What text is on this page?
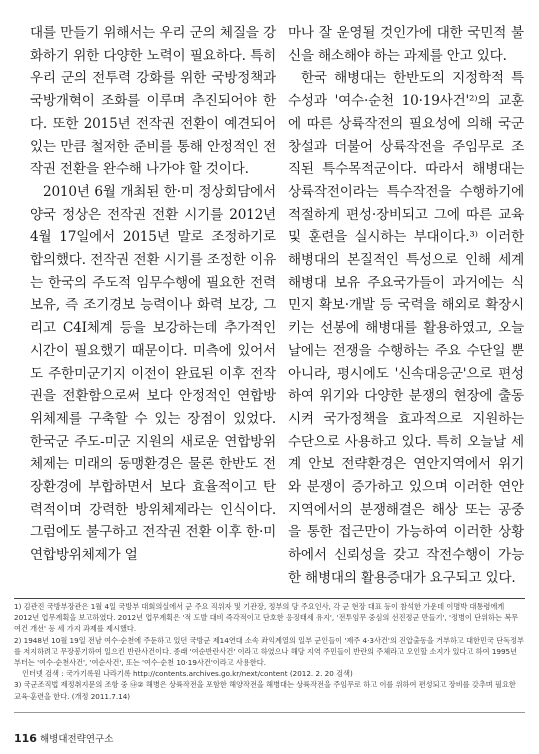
대를 만들기 위해서는 우리 군의 체질을 강화하기 위한 다양한 노력이 필요하다. 특히 우리 군의 전투력 강화를 위한 국방정책과 국방개혁이 조화를 이루며 추진되어야 한다. 또한 2015년 전작권 전환이 예견되어 있는 만큼 철저한 준비를 통해 안정적인 전작권 전환을 완수해 나가야 할 것이다.

2010년 6월 개최된 한·미 정상회담에서 양국 정상은 전작권 전환 시기를 2012년 4월 17일에서 2015년 말로 조정하기로 합의했다. 전작권 전환 시기를 조정한 이유는 한국의 주도적 임무수행에 필요한 전력 보유, 즉 조기경보 능력이나 화력 보강, 그리고 C4I체계 등을 보강하는데 추가적인 시간이 필요했기 때문이다. 미측에 있어서도 주한미군기지 이전이 완료된 이후 전작권을 전환함으로써 보다 안정적인 연합방위체제를 구축할 수 있는 장점이 있었다. 한국군 주도-미군 지원의 새로운 연합방위체제는 미래의 동맹환경은 물론 한반도 전장환경에 부합하면서 보다 효율적이고 탄력적이며 강력한 방위체제라는 인식이다. 그럼에도 불구하고 전작권 전환 이후 한·미 연합방위체제가 얼

마나 잘 운영될 것인가에 대한 국민적 불신을 해소해야 하는 과제를 안고 있다.

한국 해병대는 한반도의 지정학적 특수성과 '여수·순천 10·19사건'²⁾의 교훈에 따른 상륙작전의 필요성에 의해 국군창설과 더불어 상륙작전을 주임무로 조직된 특수목적군이다. 따라서 해병대는 상륙작전이라는 특수작전을 수행하기에 적절하게 편성·장비되고 그에 따른 교육 및 훈련을 실시하는 부대이다.³⁾ 이러한 해병대의 본질적인 특성으로 인해 세계 해병대 보유 주요국가들이 과거에는 식민지 확보·개발 등 국력을 해외로 확장시키는 선봉에 해병대를 활용하였고, 오늘날에는 전쟁을 수행하는 주요 수단일 뿐 아니라, 평시에도 '신속대응군'으로 편성하여 위기와 다양한 분쟁의 현장에 출동시켜 국가정책을 효과적으로 지원하는 수단으로 사용하고 있다. 특히 오늘날 세계 안보 전략환경은 연안지역에서 위기와 분쟁이 증가하고 있으며 이러한 연안지역에서의 분쟁해결은 해상 또는 공중을 통한 접근만이 가능하여 이러한 상황 하에서 신뢰성을 갖고 작전수행이 가능한 해병대의 활용증대가 요구되고 있다.

1) 김관진 국방부장관은 1월 4일 국방부 대회의실에서 군 주요 직위자 및 기관장, 정부의 당 주요인사, 각 군 현장 대표 등이 참석한 가운데 이명박 대통령에게 2012년 업무계획을 보고하였다. 2012년 업무계획은 '적 도발 대비 즉각적이고 단호한 응징태세 유지', '전투임무 중심의 선진정군 만들기', '정병이 단위하는 복무여건 개선' 등 세 가지 과제를 제시했다.

2) 1948년 10월 19일 전남 여수·순천에 주둔하고 있던 국방군 제14연대 소속 좌익계열의 일부 군인들이 '제주 4·3사건'의 진압출동을 거부하고 대한민국 단독정부를 저지하려고 무장봉기하여 일으킨 반란사건이다. 종래 '여순반란사건' 이라고 하였으나 해당 지역 주민들이 반란의 주체라고 오인할 소지가 있다고 하여 1995년부터는 '여수·순천사건', '여순사건', 또는 '여수·순천 10·19사건'이라고 사용한다.

인터넷 검색 : 국가기록원 나라기록 http://contents.archives.go.kr/next/content (2012. 2. 20 검색)

3) 국군조직법 제정취지문의 조항 중 ㉯② 해병은 상륙작전을 포함한 해양작전을 해병대는 상륙작전을 주임무로 하고 이를 위하여 편성되고 장비를 갖추며 필요한 교육·훈련을 한다. (개정 2011.7.14)

116 해병대전략연구소
